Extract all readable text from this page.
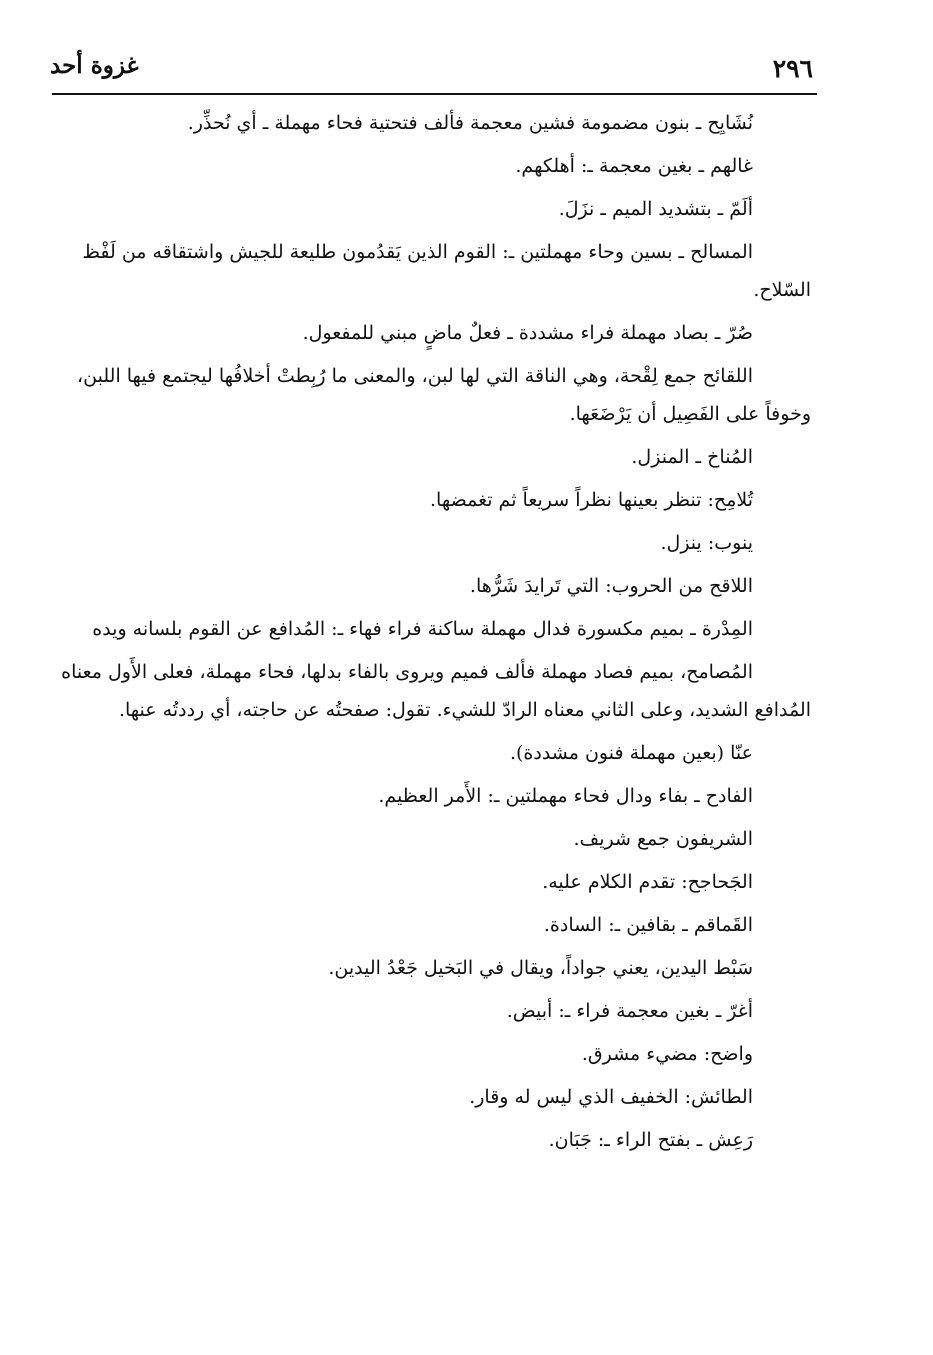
٢٩٦
غزوة أحد

نُشَايِح ـ بنون مضمومة فشين معجمة فألف فتحتية فحاء مهملة ـ أي نُحذِّر.

غالهم ـ بغين معجمة ـ: أهلكهم.

ألَمّ ـ بتشديد الميم ـ نزَلَ.

المسالح ـ بسين وحاء مهملتين ـ: القوم الذين يَقدُمون طليعة للجيش واشتقاقه من لَفْظ السّلاح.

صُرّ ـ بصاد مهملة فراء مشددة ـ فعلٌ ماضٍ مبني للمفعول.

اللقائح جمع لِقْحة، وهي الناقة التي لها لبن، والمعنى ما رُبِطتْ أخلافُها ليجتمع فيها اللبن، وخوفاً على الفَصِيل أن يَرْضَعَها.

المُناخ ـ المنزل.

تُلامِح: تنظر بعينها نظراً سريعاً ثم تغمضها.

ينوب: ينزل.

اللاقح من الحروب: التي تَرايدَ شَرُّها.

المِدْرة ـ بميم مكسورة فدال مهملة ساكنة فراء فهاء ـ: المُدافع عن القوم بلسانه ويده

المُصامح، بميم فصاد مهملة فألف فميم ويروى بالفاء بدلها، فحاء مهملة، فعلى الأَول معناه المُدافع الشديد، وعلى الثاني معناه الرادّ للشيء. تقول: صفحتُه عن حاجته، أي رددتُه عنها.

عنّا (بعين مهملة فنون مشددة).

الفادح ـ بفاء ودال فحاء مهملتين ـ: الأَمر العظيم.

الشريفون جمع شريف.

الجَحاجح: تقدم الكلام عليه.

القَماقم ـ بقافين ـ: السادة.

سَبْط اليدين، يعني جواداً، ويقال في البَخيل جَعْدُ اليدين.

أغرّ ـ بغين معجمة فراء ـ: أبيض.

واضح: مضيء مشرق.

الطائش: الخفيف الذي ليس له وقار.

رَعِش ـ بفتح الراء ـ: جَبَان.
